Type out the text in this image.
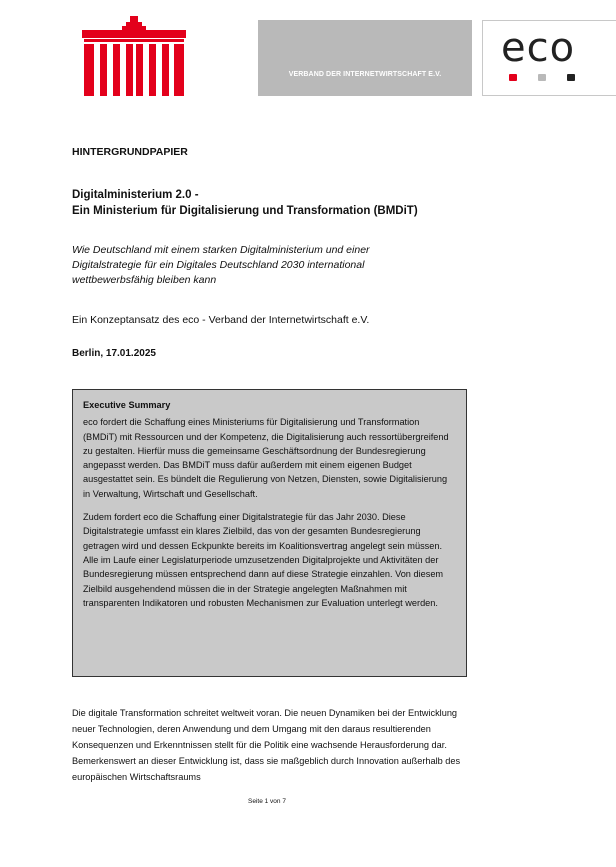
VERBAND DER INTERNETWIRTSCHAFT E.V.
eco
HINTERGRUNDPAPIER
Digitalministerium 2.0 -
Ein Ministerium für Digitalisierung und Transformation (BMDiT)
Wie Deutschland mit einem starken Digitalministerium und einer
Digitalstrategie für ein Digitales Deutschland 2030 international
wettbewerbsfähig bleiben kann
Ein Konzeptansatz des eco - Verband der Internetwirtschaft e.V.
Berlin, 17.01.2025
Executive Summary

eco fordert die Schaffung eines Ministeriums für Digitalisierung und Transformation (BMDiT) mit Ressourcen und der Kompetenz, die Digitalisierung auch ressortübergreifend zu gestalten. Hierfür muss die gemeinsame Geschäftsordnung der Bundesregierung angepasst werden. Das BMDiT muss dafür außerdem mit einem eigenen Budget ausgestattet sein. Es bündelt die Regulierung von Netzen, Diensten, sowie Digitalisierung in Verwaltung, Wirtschaft und Gesellschaft.

Zudem fordert eco die Schaffung einer Digitalstrategie für das Jahr 2030. Diese Digitalstrategie umfasst ein klares Zielbild, das von der gesamten Bundesregierung getragen wird und dessen Eckpunkte bereits im Koalitionsvertrag angelegt sein müssen. Alle im Laufe einer Legislaturperiode umzusetzenden Digitalprojekte und Aktivitäten der Bundesregierung müssen entsprechend dann auf diese Strategie einzahlen. Von diesem Zielbild ausgehendend müssen die in der Strategie angelegten Maßnahmen mit transparenten Indikatoren und robusten Mechanismen zur Evaluation unterlegt werden.

Die digitale Transformation schreitet weltweit voran. Die neuen Dynamiken bei der Entwicklung neuer Technologien, deren Anwendung und dem Umgang mit den daraus resultierenden Konsequenzen und Erkenntnissen stellt für die Politik eine wachsende Herausforderung dar. Bemerkenswert an dieser Entwicklung ist, dass sie maßgeblich durch Innovation außerhalb des europäischen Wirtschaftsraums
Seite 1 von 7
